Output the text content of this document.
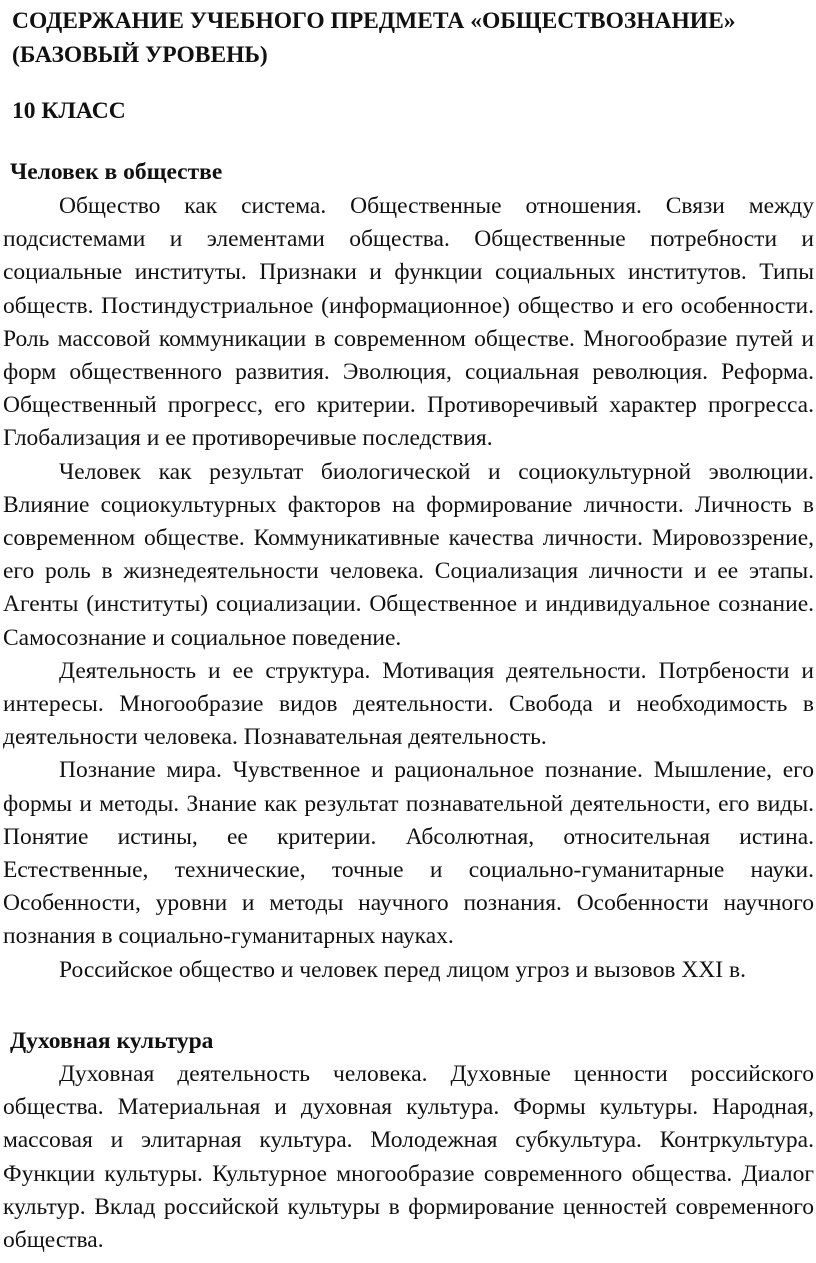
СОДЕРЖАНИЕ УЧЕБНОГО ПРЕДМЕТА «ОБЩЕСТВОЗНАНИЕ» (БАЗОВЫЙ УРОВЕНЬ)
10 КЛАСС
Человек в обществе

Общество как система. Общественные отношения. Связи между подсистемами и элементами общества. Общественные потребности и социальные институты. Признаки и функции социальных институтов. Типы обществ. Постиндустриальное (информационное) общество и его особенности. Роль массовой коммуникации в современном обществе. Многообразие путей и форм общественного развития. Эволюция, социальная революция. Реформа. Общественный прогресс, его критерии. Противоречивый характер прогресса. Глобализация и ее противоречивые последствия.

Человек как результат биологической и социокультурной эволюции. Влияние социокультурных факторов на формирование личности. Личность в современном обществе. Коммуникативные качества личности. Мировоззрение, его роль в жизнедеятельности человека. Социализация личности и ее этапы. Агенты (институты) социализации. Общественное и индивидуальное сознание. Самосознание и социальное поведение.

Деятельность и ее структура. Мотивация деятельности. Потрбености и интересы. Многообразие видов деятельности. Свобода и необходимость в деятельности человека. Познавательная деятельность.

Познание мира. Чувственное и рациональное познание. Мышление, его формы и методы. Знание как результат познавательной деятельности, его виды. Понятие истины, ее критерии. Абсолютная, относительная истина. Естественные, технические, точные и социально-гуманитарные науки. Особенности, уровни и методы научного познания. Особенности научного познания в социально-гуманитарных науках.

Российское общество и человек перед лицом угроз и вызовов XXI в.

Духовная культура

Духовная деятельность человека. Духовные ценности российского общества. Материальная и духовная культура. Формы культуры. Народная, массовая и элитарная культура. Молодежная субкультура. Контркультура. Функции культуры. Культурное многообразие современного общества. Диалог культур. Вклад российской культуры в формирование ценностей современного общества.
